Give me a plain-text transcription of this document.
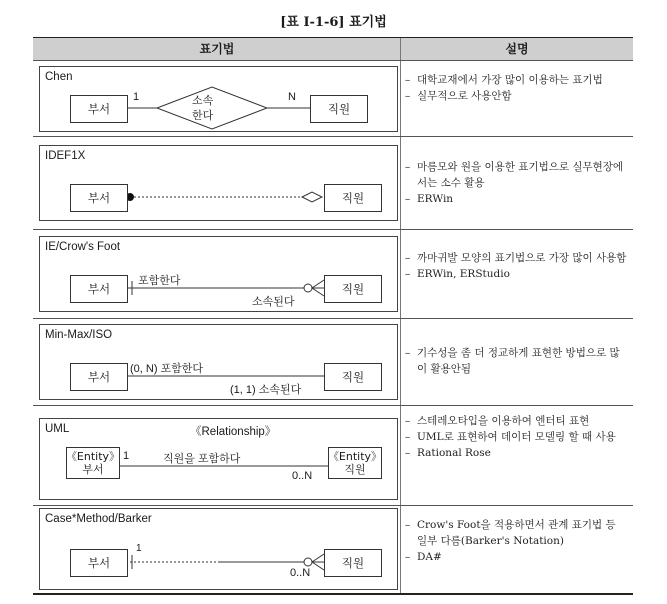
[표 Ⅰ-1-6] 표기법
표기법	설명
Chen
부서	직원
소속
한다
1	N
– 대학교재에서 가장 많이 이용하는 표기법
– 실무적으로 사용안함
IDEF1X
부서	직원
– 마름모와 원을 이용한 표기법으로 실무현장에서는 소수 활용
– ERWin
IE/Crow's Foot
부서	직원
포함한다
소속된다
– 까마귀발 모양의 표기법으로 가장 많이 사용함
– ERWin, ERStudio
Min-Max/ISO
부서	직원
(0, N) 포함한다
(1, 1) 소속된다
– 기수성을 좀 더 정교하게 표현한 방법으로 많이 활용안됨
UML	《Relationship》
《Entity》
부서
《Entity》
직원
1	직원을 포함하다
0..N
– 스테레오타입을 이용하여 엔터티 표현
– UML로 표현하여 데이터 모델링 할 때 사용
– Rational Rose
Case*Method/Barker
부서	직원
1
0..N
– Crow's Foot을 적용하면서 관계 표기법 등 일부 다름(Barker's Notation)
– DA#
